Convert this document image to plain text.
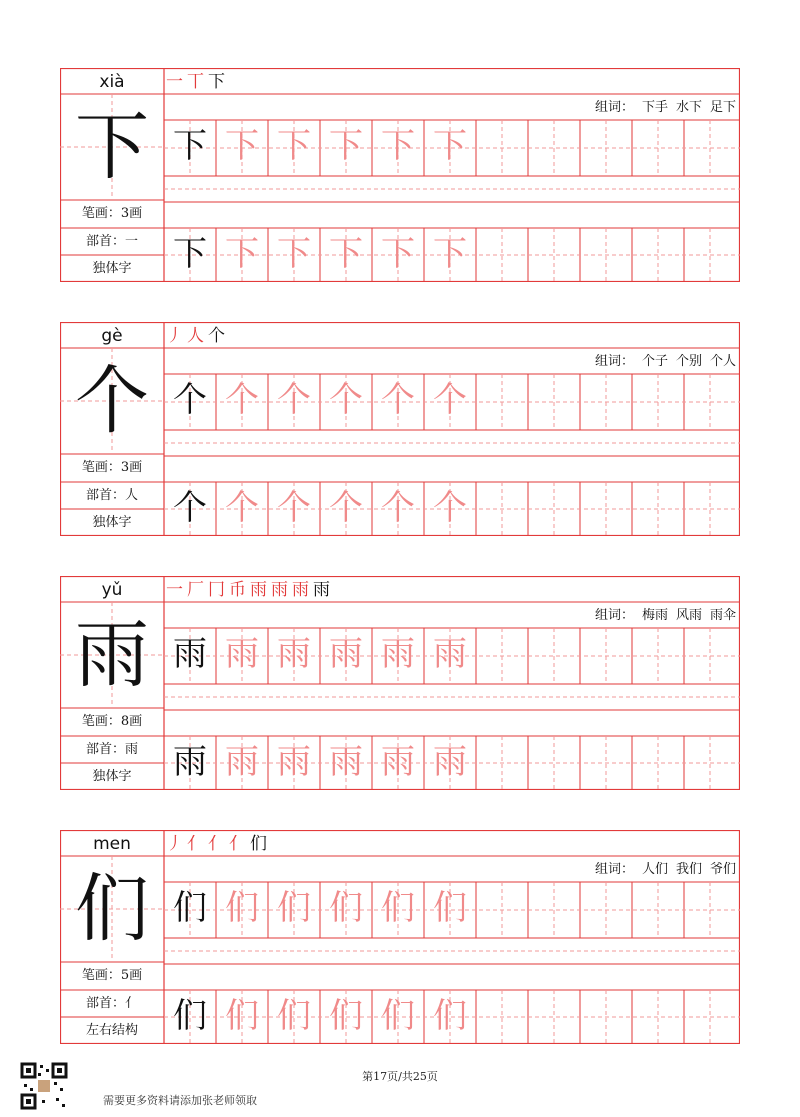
xià
下
笔画：3画
部首：一
独体字
一 丅 下
组词： 下手 水下 足下
下 下 下 下 下 下
下 下 下 下 下 下
gè
个
笔画：3画
部首：人
独体字
丿 人 个
组词： 个子 个别 个人
个 个 个 个 个 个
个 个 个 个 个 个
yǔ
雨
笔画：8画
部首：雨
独体字
一 厂 冂 币 雨 雨 雨 雨
组词： 梅雨 风雨 雨伞
雨 雨 雨 雨 雨 雨
雨 雨 雨 雨 雨 雨
men
们
笔画：5画
部首：亻
左右结构
丿 亻 亻 亻 们
组词： 人们 我们 爷们
们 们 们 们 们 们
们 们 们 们 们 们
第17页/共25页
需要更多资料请添加张老师领取
